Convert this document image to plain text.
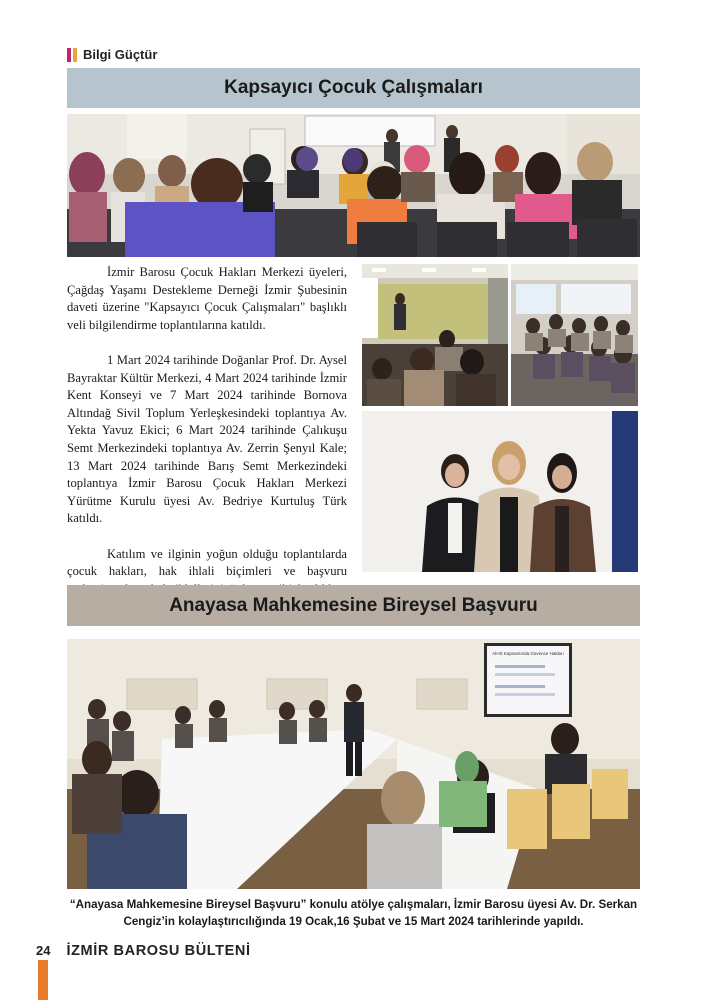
Bilgi Güçtür
Kapsayıcı Çocuk Çalışmaları

İzmir Barosu Çocuk Hakları Merkezi üyeleri, Çağdaş Yaşamı Destekleme Derneği İzmir Şubesinin daveti üzerine "Kapsayıcı Çocuk Çalışmaları" başlıklı veli bilgilendirme toplantılarına katıldı.

1 Mart 2024 tarihinde Doğanlar Prof. Dr. Aysel Bayraktar Kültür Merkezi, 4 Mart 2024 tarihinde İzmir Kent Konseyi ve 7 Mart 2024 tarihinde Bornova Altındağ Sivil Toplum Yerleşkesindeki toplantıya Av. Yekta Yavuz Ekici; 6 Mart 2024 tarihinde Çalıkuşu Semt Merkezindeki toplantıya Av. Zerrin Şenyıl Kale; 13 Mart 2024 tarihinde Barış Semt Merkezindeki toplantıya İzmir Barosu Çocuk Hakları Merkezi Yürütme Kurulu üyesi Av. Bedriye Kurtuluş Türk katıldı.

Katılım ve ilginin yoğun olduğu toplantılarda çocuk hakları, hak ihlali biçimleri ve başvuru

Anayasa Mahkemesine Bireysel Başvuru
AİHS Kapsamında Güvence Hakları
“Anayasa Mahkemesine Bireysel Başvuru” konulu atölye çalışmaları, İzmir Barosu üyesi Av. Dr. Serkan Cengiz’in kolaylaştırıcılığında 19 Ocak,16 Şubat ve 15 Mart 2024 tarihlerinde yapıldı.
24 İZMİR BAROSU BÜLTENİ
